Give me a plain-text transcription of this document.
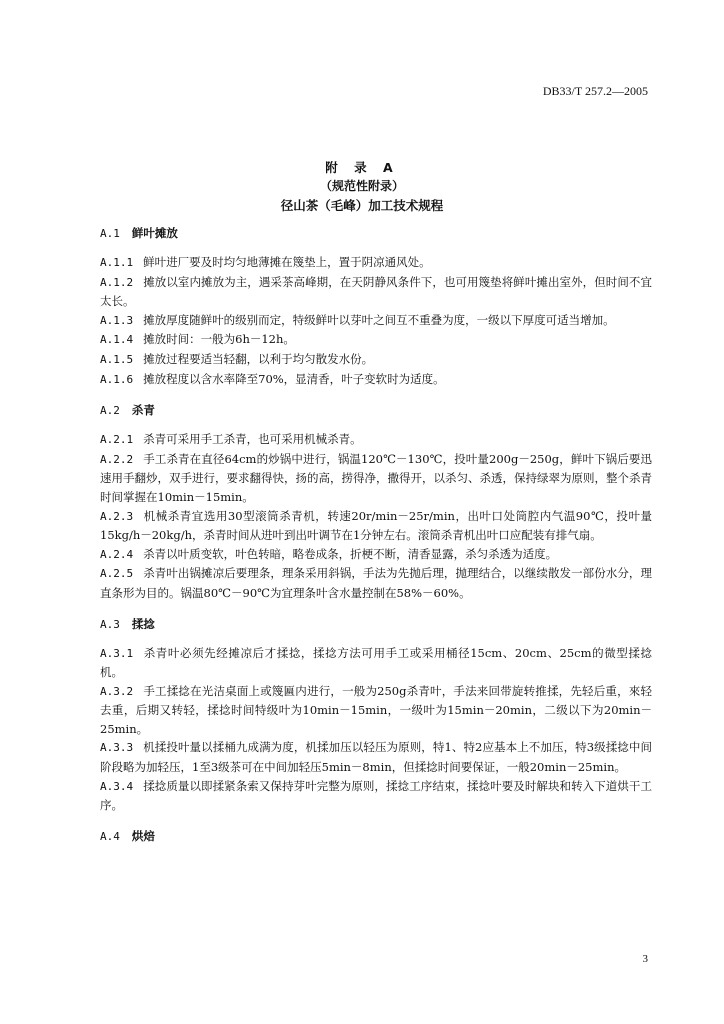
DB33/T 257.2—2005
附 录 A
（规范性附录）
径山茶（毛峰）加工技术规程
A.1 鲜叶摊放

A.1.1 鲜叶进厂要及时均匀地薄摊在篾垫上，置于阴凉通风处。

A.1.2 摊放以室内摊放为主，遇采茶高峰期，在天阴静风条件下，也可用篾垫将鲜叶摊出室外，但时间不宜太长。

A.1.3 摊放厚度随鲜叶的级别而定，特级鲜叶以芽叶之间互不重叠为度，一级以下厚度可适当增加。

A.1.4 摊放时间：一般为6h－12h。

A.1.5 摊放过程要适当轻翻，以利于均匀散发水份。

A.1.6 摊放程度以含水率降至70%，显清香，叶子变软时为适度。

A.2 杀青

A.2.1 杀青可采用手工杀青，也可采用机械杀青。

A.2.2 手工杀青在直径64cm的炒锅中进行，锅温120℃－130℃，投叶量200g－250g，鲜叶下锅后要迅速用手翻炒，双手进行，要求翻得快，扬的高，捞得净，撒得开，以杀匀、杀透，保持绿翠为原则，整个杀青时间掌握在10min－15min。

A.2.3 机械杀青宜选用30型滚筒杀青机，转速20r/min－25r/min，出叶口处筒腔内气温90℃，投叶量15kg/h－20kg/h，杀青时间从进叶到出叶调节在1分钟左右。滚筒杀青机出叶口应配装有排气扇。

A.2.4 杀青以叶质变软，叶色转暗，略卷成条，折梗不断，清香显露，杀匀杀透为适度。

A.2.5 杀青叶出锅摊凉后要理条，理条采用斜锅，手法为先抛后理，抛理结合，以继续散发一部份水分，理直条形为目的。锅温80℃－90℃为宜理条叶含水量控制在58%－60%。

A.3 揉捻

A.3.1 杀青叶必须先经摊凉后才揉捻，揉捻方法可用手工或采用桶径15cm、20cm、25cm的微型揉捻机。

A.3.2 手工揉捻在光洁桌面上或篾匾内进行，一般为250g杀青叶，手法来回带旋转推揉，先轻后重，來轻去重，后期又转轻，揉捻时间特级叶为10min－15min，一级叶为15min－20min，二级以下为20min－25min。

A.3.3 机揉投叶量以揉桶九成满为度，机揉加压以轻压为原则，特1、特2应基本上不加压，特3级揉捻中间阶段略为加轻压，1至3级茶可在中间加轻压5min－8min，但揉捻时间要保证，一般20min－25min。

A.3.4 揉捻质量以即揉紧条索又保持芽叶完整为原则，揉捻工序结束，揉捻叶要及时解块和转入下道烘干工序。

A.4 烘焙
3
